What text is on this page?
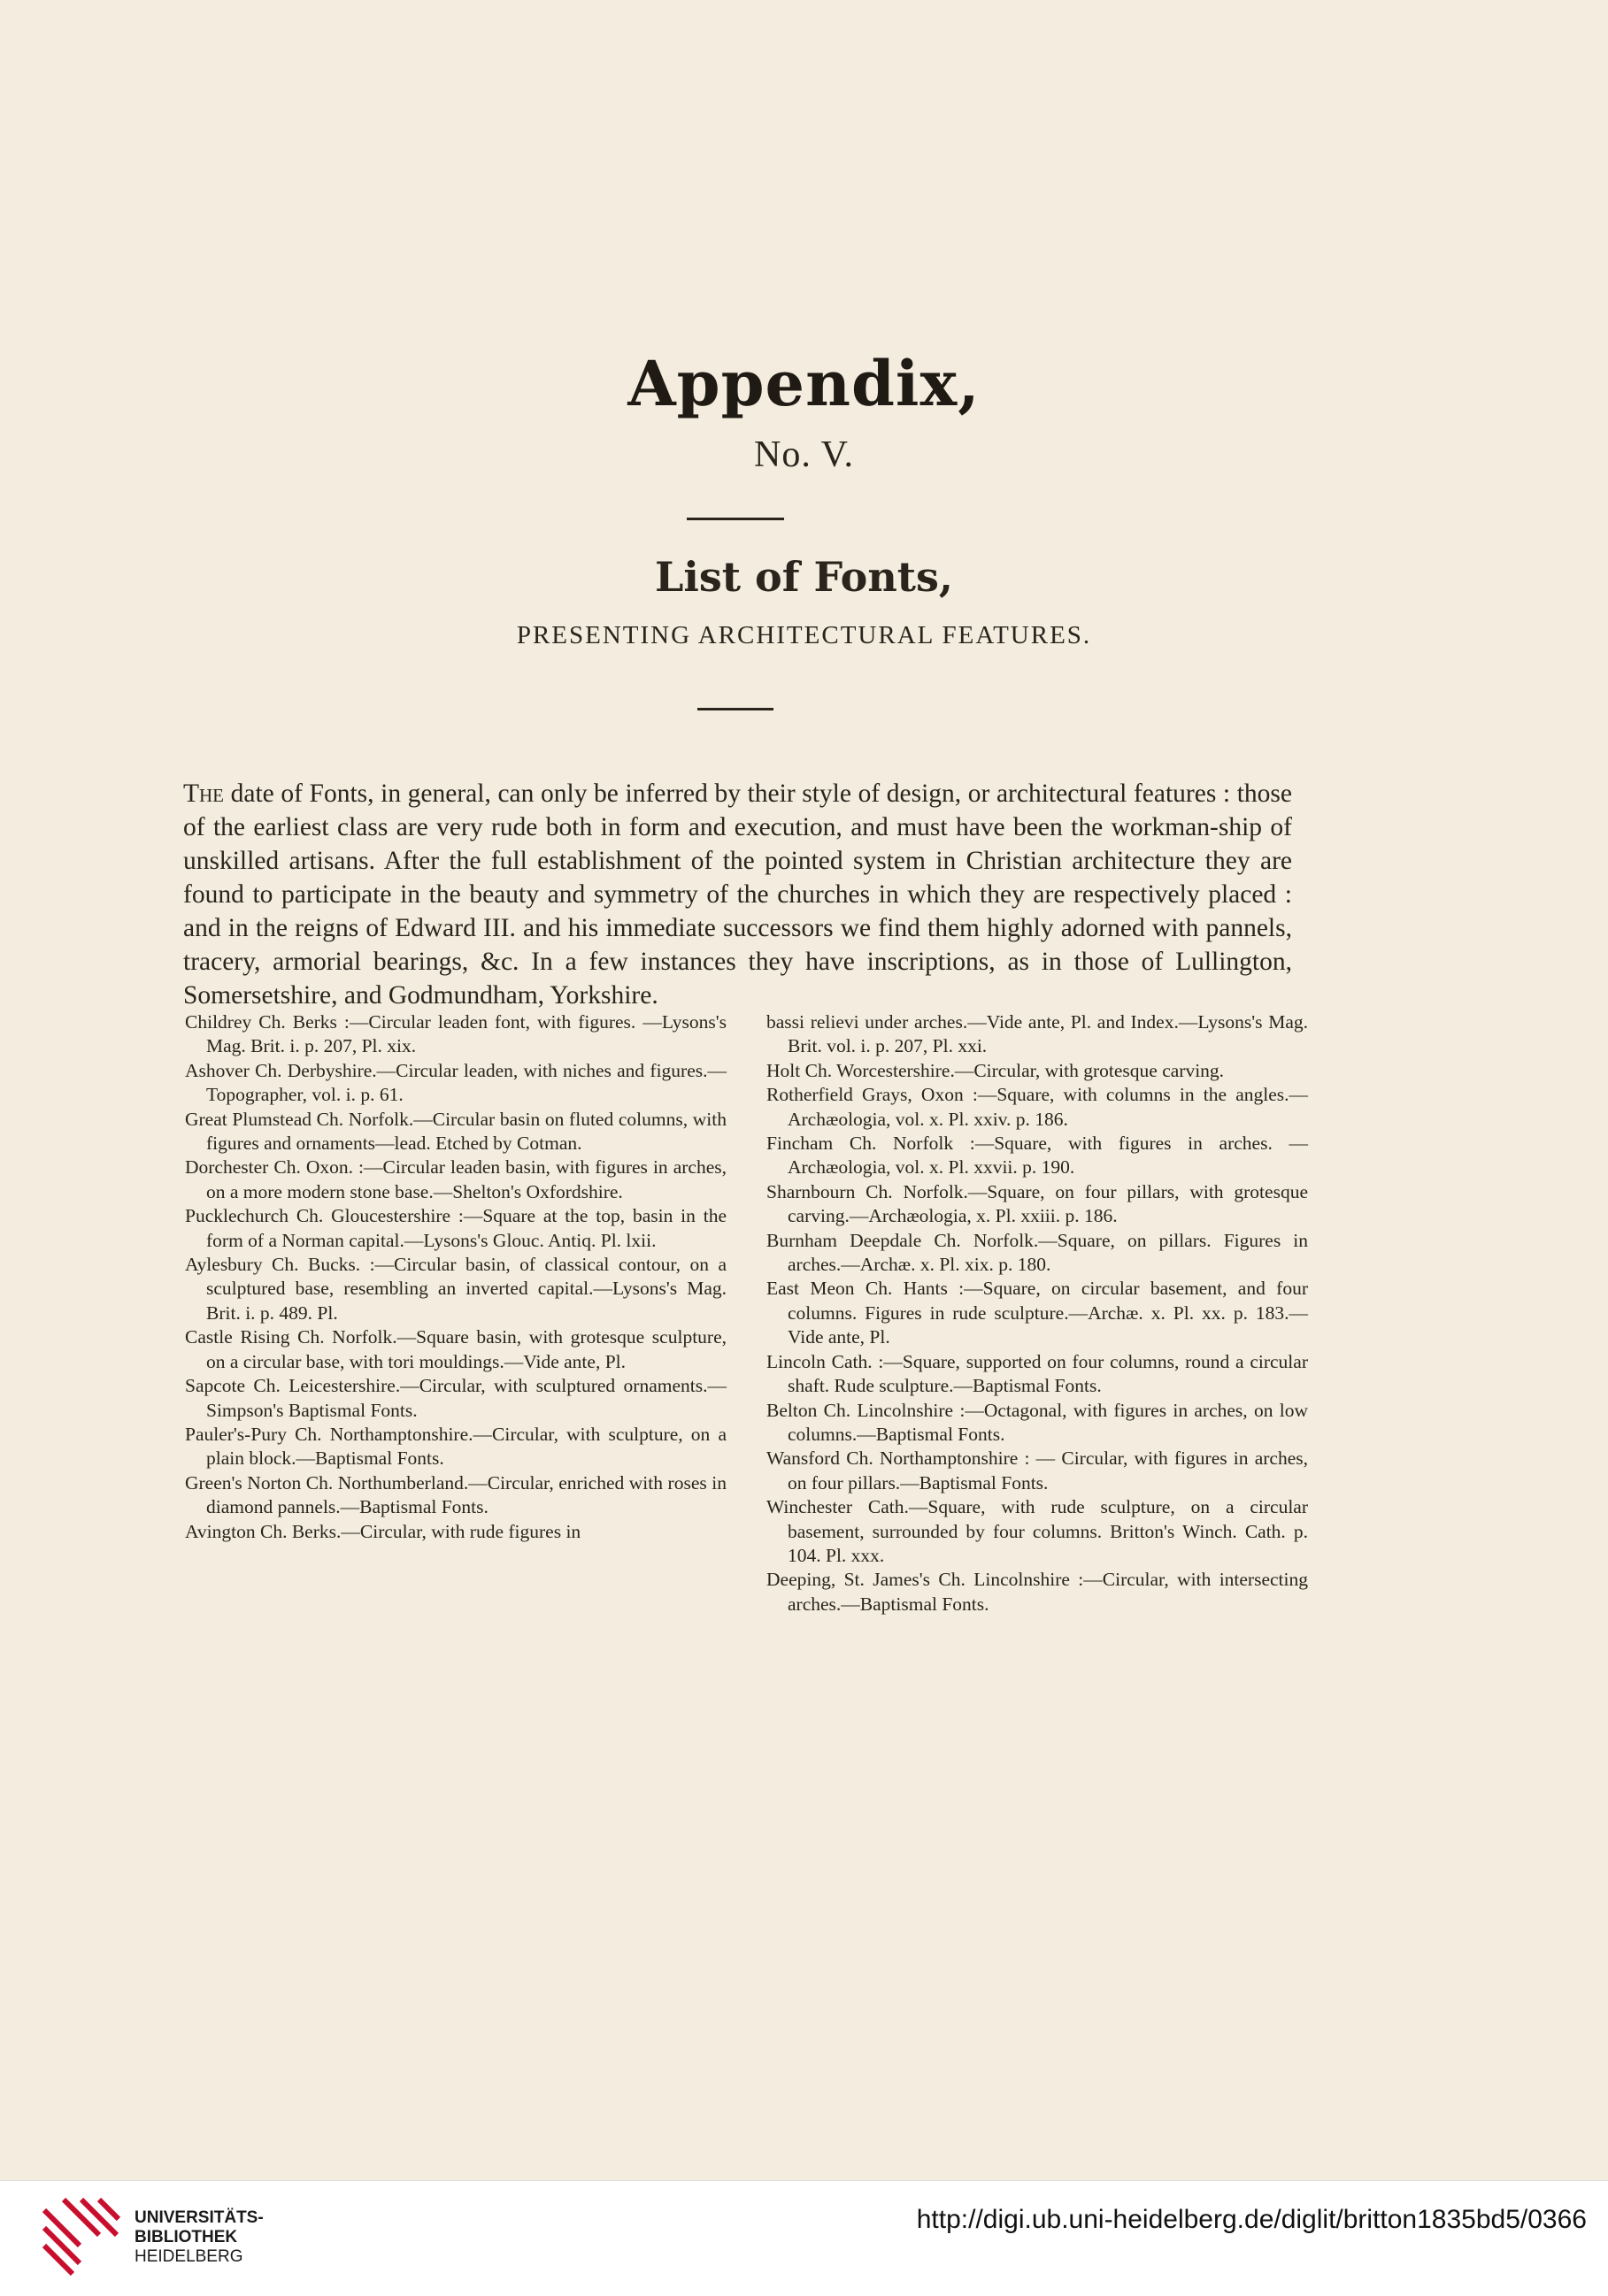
Appendix,
No. V.
List of Fonts,
PRESENTING ARCHITECTURAL FEATURES.

The date of Fonts, in general, can only be inferred by their style of design, or architectural features : those of the earliest class are very rude both in form and execution, and must have been the workman-ship of unskilled artisans. After the full establishment of the pointed system in Christian architecture they are found to participate in the beauty and symmetry of the churches in which they are respectively placed : and in the reigns of Edward III. and his immediate successors we find them highly adorned with pannels, tracery, armorial bearings, &c. In a few instances they have inscriptions, as in those of Lullington, Somersetshire, and Godmundham, Yorkshire.

Childrey Ch. Berks :—Circular leaden font, with figures. —Lysons's Mag. Brit. i. p. 207, Pl. xix.

Ashover Ch. Derbyshire.—Circular leaden, with niches and figures.—Topographer, vol. i. p. 61.

Great Plumstead Ch. Norfolk.—Circular basin on fluted columns, with figures and ornaments—lead. Etched by Cotman.

Dorchester Ch. Oxon. :—Circular leaden basin, with figures in arches, on a more modern stone base.—Shelton's Oxfordshire.

Pucklechurch Ch. Gloucestershire :—Square at the top, basin in the form of a Norman capital.—Lysons's Glouc. Antiq. Pl. lxii.

Aylesbury Ch. Bucks. :—Circular basin, of classical contour, on a sculptured base, resembling an inverted capital.—Lysons's Mag. Brit. i. p. 489. Pl.

Castle Rising Ch. Norfolk.—Square basin, with grotesque sculpture, on a circular base, with tori mouldings.—Vide ante, Pl.

Sapcote Ch. Leicestershire.—Circular, with sculptured ornaments.—Simpson's Baptismal Fonts.

Pauler's-Pury Ch. Northamptonshire.—Circular, with sculpture, on a plain block.—Baptismal Fonts.

Green's Norton Ch. Northumberland.—Circular, enriched with roses in diamond pannels.—Baptismal Fonts.

Avington Ch. Berks.—Circular, with rude figures in

bassi relievi under arches.—Vide ante, Pl. and Index.—Lysons's Mag. Brit. vol. i. p. 207, Pl. xxi.

Holt Ch. Worcestershire.—Circular, with grotesque carving.

Rotherfield Grays, Oxon :—Square, with columns in the angles.—Archæologia, vol. x. Pl. xxiv. p. 186.

Fincham Ch. Norfolk :—Square, with figures in arches. —Archæologia, vol. x. Pl. xxvii. p. 190.

Sharnbourn Ch. Norfolk.—Square, on four pillars, with grotesque carving.—Archæologia, x. Pl. xxiii. p. 186.

Burnham Deepdale Ch. Norfolk.—Square, on pillars. Figures in arches.—Archæ. x. Pl. xix. p. 180.

East Meon Ch. Hants :—Square, on circular basement, and four columns. Figures in rude sculpture.—Archæ. x. Pl. xx. p. 183.—Vide ante, Pl.

Lincoln Cath. :—Square, supported on four columns, round a circular shaft. Rude sculpture.—Baptismal Fonts.

Belton Ch. Lincolnshire :—Octagonal, with figures in arches, on low columns.—Baptismal Fonts.

Wansford Ch. Northamptonshire : — Circular, with figures in arches, on four pillars.—Baptismal Fonts.

Winchester Cath.—Square, with rude sculpture, on a circular basement, surrounded by four columns. Britton's Winch. Cath. p. 104. Pl. xxx.

Deeping, St. James's Ch. Lincolnshire :—Circular, with intersecting arches.—Baptismal Fonts.

UNIVERSITÄTS-
BIBLIOTHEK
HEIDELBERG
http://digi.ub.uni-heidelberg.de/diglit/britton1835bd5/0366
